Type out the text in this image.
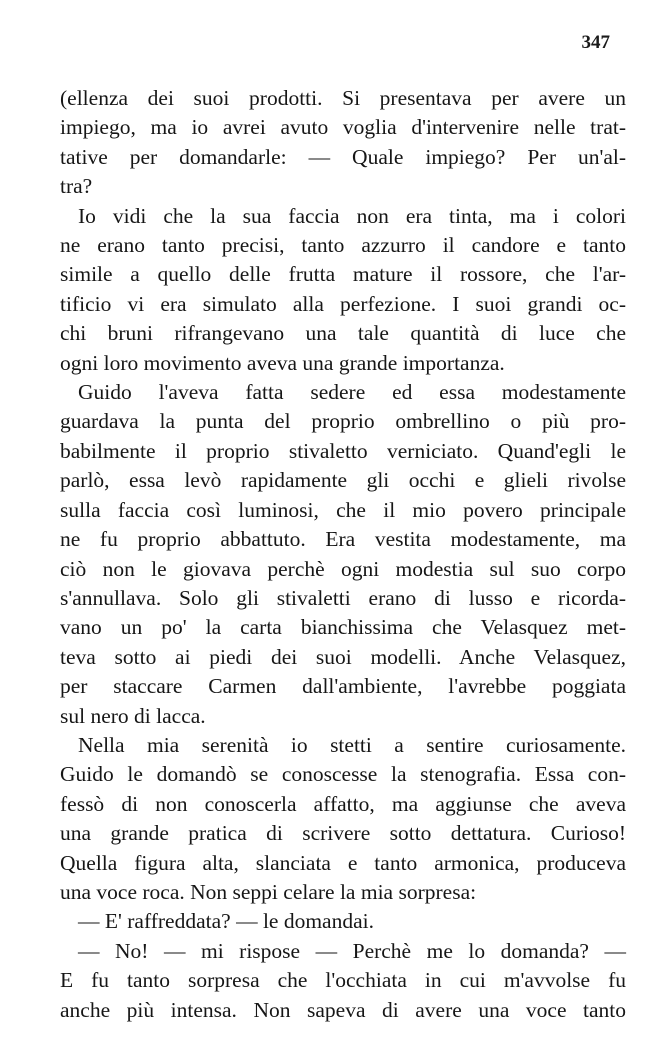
347
(ellenza dei suoi prodotti. Si presentava per avere un
impiego, ma io avrei avuto voglia d'intervenire nelle trat-
tative per domandarle: — Quale impiego? Per un'al-
tra?
Io vidi che la sua faccia non era tinta, ma i colori
ne erano tanto precisi, tanto azzurro il candore e tanto
simile a quello delle frutta mature il rossore, che l'ar-
tificio vi era simulato alla perfezione. I suoi grandi oc-
chi bruni rifrangevano una tale quantità di luce che
ogni loro movimento aveva una grande importanza.
Guido l'aveva fatta sedere ed essa modestamente
guardava la punta del proprio ombrellino o più pro-
babilmente il proprio stivaletto verniciato. Quand'egli le
parlò, essa levò rapidamente gli occhi e glieli rivolse
sulla faccia così luminosi, che il mio povero principale
ne fu proprio abbattuto. Era vestita modestamente, ma
ciò non le giovava perchè ogni modestia sul suo corpo
s'annullava. Solo gli stivaletti erano di lusso e ricorda-
vano un po' la carta bianchissima che Velasquez met-
teva sotto ai piedi dei suoi modelli. Anche Velasquez,
per staccare Carmen dall'ambiente, l'avrebbe poggiata
sul nero di lacca.
Nella mia serenità io stetti a sentire curiosamente.
Guido le domandò se conoscesse la stenografia. Essa con-
fessò di non conoscerla affatto, ma aggiunse che aveva
una grande pratica di scrivere sotto dettatura. Curioso!
Quella figura alta, slanciata e tanto armonica, produceva
una voce roca. Non seppi celare la mia sorpresa:
— E' raffreddata? — le domandai.
— No! — mi rispose — Perchè me lo domanda? —
E fu tanto sorpresa che l'occhiata in cui m'avvolse fu
anche più intensa. Non sapeva di avere una voce tanto
